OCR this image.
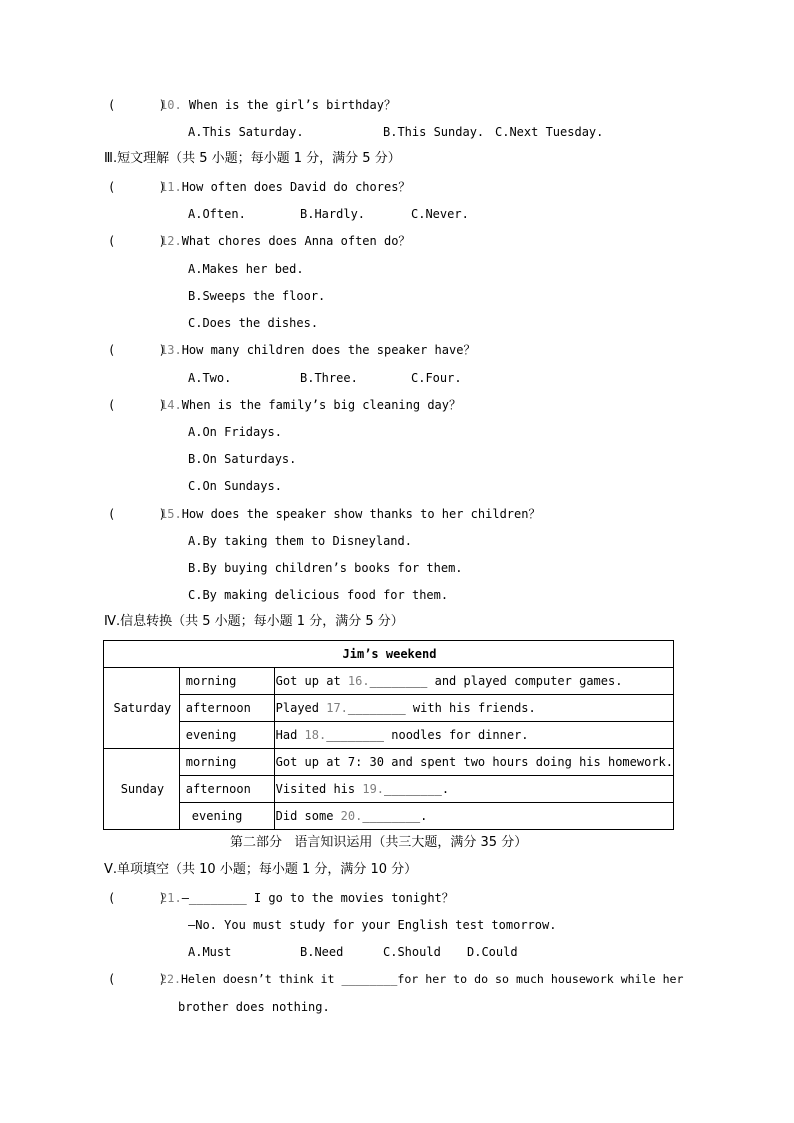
(      )
10. When is the girl’s birthday？
A.This Saturday.	B.This Sunday. C.Next Tuesday.
Ⅲ.短文理解（共 5 小题；每小题 1 分，满分 5 分）
(      )
11.How often does David do chores？
A.Often.	B.Hardly.	C.Never.
(      )
12.What chores does Anna often do？
A.Makes her bed.
B.Sweeps the floor.
C.Does the dishes.
(      )
13.How many children does the speaker have？
A.Two.	B.Three.	C.Four.
(      )
14.When is the family’s big cleaning day？
A.On Fridays.
B.On Saturdays.
C.On Sundays.
(      )
15.How does the speaker show thanks to her children？
A.By taking them to Disneyland.
B.By buying children’s books for them.
C.By making delicious food for them.
Ⅳ.信息转换（共 5 小题；每小题 1 分，满分 5 分）
Jim’s weekend		
Saturday	morning	Got up at 16.________ and played computer games.
	afternoon	Played 17.________ with his friends.
	evening	Had 18.________ noodles for dinner.
Sunday	morning	Got up at 7: 30 and spent two hours doing his homework.
	afternoon	Visited his 19.________.
	evening	Did some 20.________.
第二部分   语言知识运用（共三大题，满分 35 分）
Ⅴ.单项填空（共 10 小题；每小题 1 分，满分 10 分）
(      )
21.—________ I go to the movies tonight？
—No. You must study for your English test tomorrow.
A.Must	B.Need	C.Should D.Could
(      )
22.Helen doesn’t think it ________for her to do so much housework while her
brother does nothing.
